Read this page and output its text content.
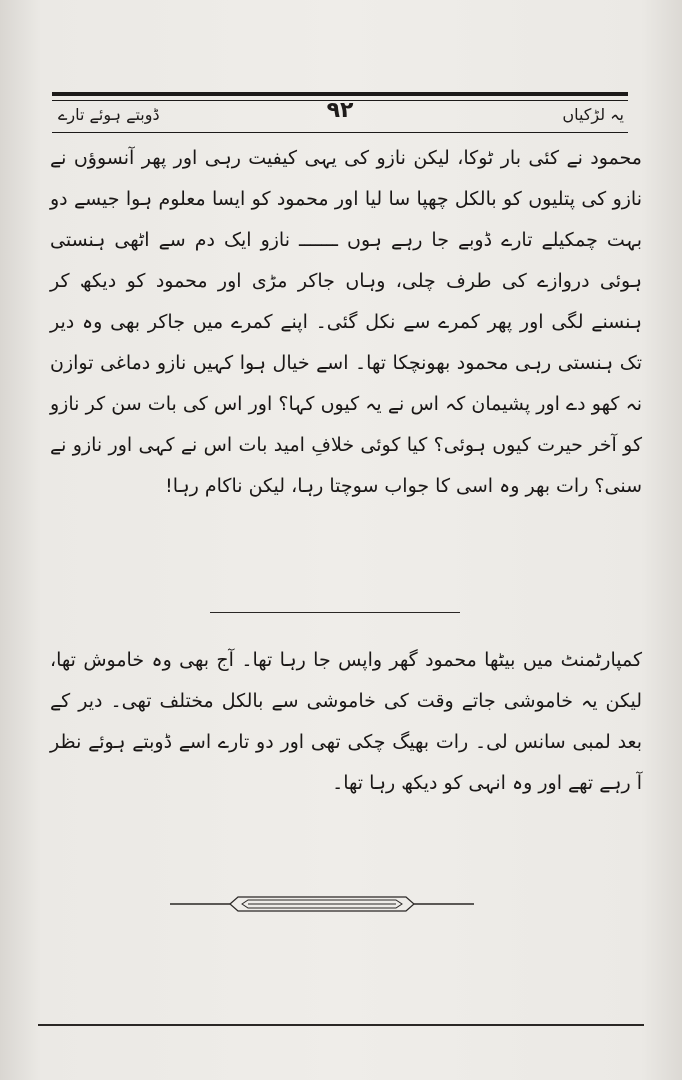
یہ لڑکیاں
۹۲
ڈوبتے ہوئے تارے
محمود نے کئی بار ٹوکا، لیکن نازو کی یہی کیفیت رہی اور پھر آنسوؤں نے نازو کی پتلیوں کو بالکل چھپا سا لیا اور محمود کو ایسا معلوم ہوا جیسے دو بہت چمکیلے تارے ڈوبے جا رہے ہوں ـــــــ نازو ایک دم سے اٹھی ہنستی ہوئی دروازے کی طرف چلی، وہاں جاکر مڑی اور محمود کو دیکھ کر ہنسنے لگی اور پھر کمرے سے نکل گئی۔ اپنے کمرے میں جاکر بھی وہ دیر تک ہنستی رہی محمود بھونچکا تھا۔ اسے خیال ہوا کہیں نازو دماغی توازن نہ کھو دے اور پشیمان کہ اس نے یہ کیوں کہا؟ اور اس کی بات سن کر نازو کو آخر حیرت کیوں ہوئی؟ کیا کوئی خلافِ امید بات اس نے کہی اور نازو نے سنی؟ رات بھر وہ اسی کا جواب سوچتا رہا، لیکن ناکام رہا!
کمپارٹمنٹ میں بیٹھا محمود گھر واپس جا رہا تھا۔ آج بھی وہ خاموش تھا، لیکن یہ خاموشی جاتے وقت کی خاموشی سے بالکل مختلف تھی۔ دیر کے بعد لمبی سانس لی۔ رات بھیگ چکی تھی اور دو تارے اسے ڈوبتے ہوئے نظر آ رہے تھے اور وہ انہی کو دیکھ رہا تھا۔
